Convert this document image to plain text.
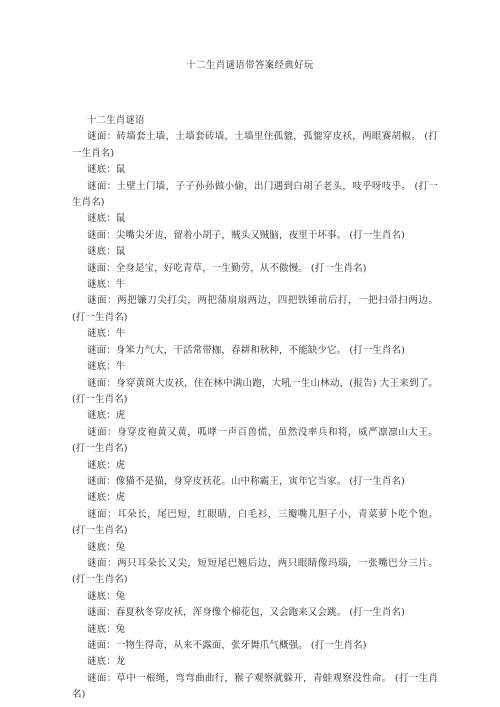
十二生肖谜语带答案经典好玩

十二生肖谜语

谜面：砖墙套土墙，土墙套砖墙，土墙里住孤貔，孤貔穿皮袄，两眼赛胡椒。 (打一生肖名)

谜底：鼠

谜面：土壁土门墙，子子孙孙做小偷，出门遇到白胡子老头，吱乎呀吱乎。 (打一生肖名)

谜底：鼠

谜面：尖嘴尖牙齿，留着小胡子，贼头又贼脑，夜里干坏事。 (打一生肖名)

谜底：鼠

谜面：全身是宝，好吃青草，一生勤劳，从不傲慢。 (打一生肖名)

谜底：牛

谜面：两把镰刀尖打尖，两把蒲扇扇两边，四把铁锤前后打，一把扫帚扫两边。 (打一生肖名)

谜底：牛

谜面：身笨力气大，干活常带枷，春耕和秋种，不能缺少它。 (打一生肖名)

谜底：牛

谜面：身穿黄斑大皮袄，住在林中满山跑，大吼一生山林动，(报告) 大王来到了。 (打一生肖名)

谜底：虎

谜面：身穿皮袍黄又黄，呱哮一声百兽慌，虽然没率兵和将，威严凛凛山大王。 (打一生肖名)

谜底：虎

谜面：像猫不是猫，身穿皮袄花。山中称霸王，寅年它当家。 (打一生肖名)

谜底：虎

谜面：耳朵长，尾巴短，红眼睛，白毛衫，三瓣嘴儿胆子小，青菜萝卜吃个饱。 (打一生肖名)

谜底：兔

谜面：两只耳朵长又尖，短短尾巴翘后边，两只眼睛像玛瑙，一张嘴巴分三片。 (打一生肖名)

谜底：兔

谜面：春夏秋冬穿皮袄，浑身像个棉花包，又会跑来又会跳。 (打一生肖名)

谜底：兔

谜面：一物生得奇，从来不露面，张牙舞爪气概强。 (打一生肖名)

谜底：龙

谜面：草中一根绳，弯弯曲曲行，猴子观察就躲开，青蛙观察没性命。 (打一生肖名)
